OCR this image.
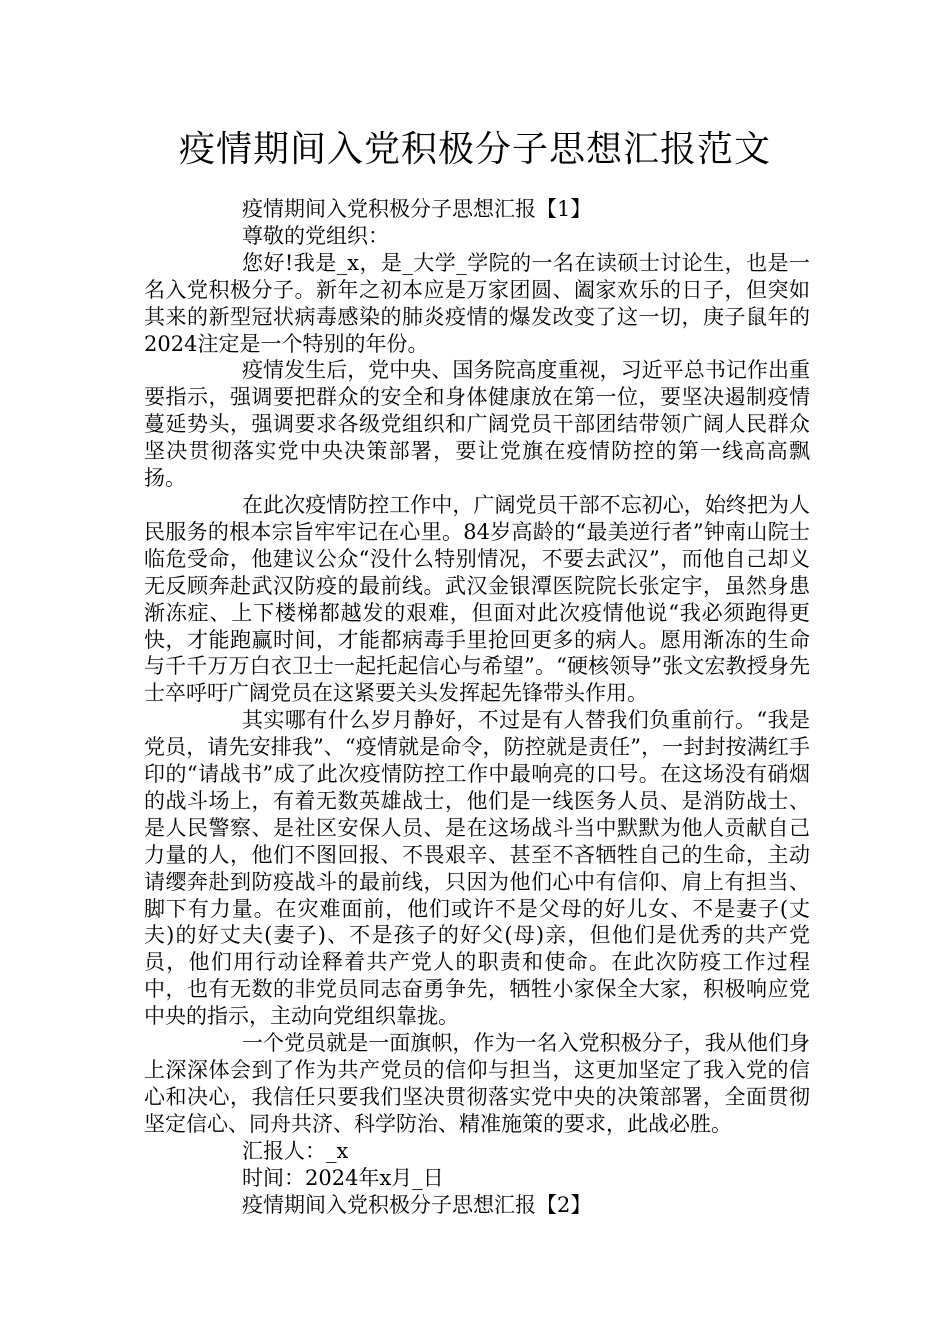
疫情期间入党积极分子思想汇报范文

疫情期间入党积极分子思想汇报【1】

尊敬的党组织：

您好!我是_x，是_大学_学院的一名在读硕士讨论生，也是一名入党积极分子。新年之初本应是万家团圆、阖家欢乐的日子，但突如其来的新型冠状病毒感染的肺炎疫情的爆发改变了这一切，庚子鼠年的2024注定是一个特别的年份。

疫情发生后，党中央、国务院高度重视，习近平总书记作出重要指示，强调要把群众的安全和身体健康放在第一位，要坚决遏制疫情蔓延势头，强调要求各级党组织和广阔党员干部团结带领广阔人民群众坚决贯彻落实党中央决策部署，要让党旗在疫情防控的第一线高高飘扬。

在此次疫情防控工作中，广阔党员干部不忘初心，始终把为人民服务的根本宗旨牢牢记在心里。84岁高龄的“最美逆行者”钟南山院士临危受命，他建议公众“没什么特别情况，不要去武汉”，而他自己却义无反顾奔赴武汉防疫的最前线。武汉金银潭医院院长张定宇，虽然身患渐冻症、上下楼梯都越发的艰难，但面对此次疫情他说“我必须跑得更快，才能跑赢时间，才能都病毒手里抢回更多的病人。愿用渐冻的生命与千千万万白衣卫士一起托起信心与希望”。“硬核领导”张文宏教授身先士卒呼吁广阔党员在这紧要关头发挥起先锋带头作用。

其实哪有什么岁月静好，不过是有人替我们负重前行。“我是党员，请先安排我”、“疫情就是命令，防控就是责任”，一封封按满红手印的“请战书”成了此次疫情防控工作中最响亮的口号。在这场没有硝烟的战斗场上，有着无数英雄战士，他们是一线医务人员、是消防战士、是人民警察、是社区安保人员、是在这场战斗当中默默为他人贡献自己力量的人，他们不图回报、不畏艰辛、甚至不吝牺牲自己的生命，主动请缨奔赴到防疫战斗的最前线，只因为他们心中有信仰、肩上有担当、脚下有力量。在灾难面前，他们或许不是父母的好儿女、不是妻子(丈夫)的好丈夫(妻子)、不是孩子的好父(母)亲，但他们是优秀的共产党员，他们用行动诠释着共产党人的职责和使命。在此次防疫工作过程中，也有无数的非党员同志奋勇争先，牺牲小家保全大家，积极响应党中央的指示，主动向党组织靠拢。

一个党员就是一面旗帜，作为一名入党积极分子，我从他们身上深深体会到了作为共产党员的信仰与担当，这更加坚定了我入党的信心和决心，我信任只要我们坚决贯彻落实党中央的决策部署，全面贯彻坚定信心、同舟共济、科学防治、精准施策的要求，此战必胜。

汇报人：_x

时间：2024年x月_日

疫情期间入党积极分子思想汇报【2】
